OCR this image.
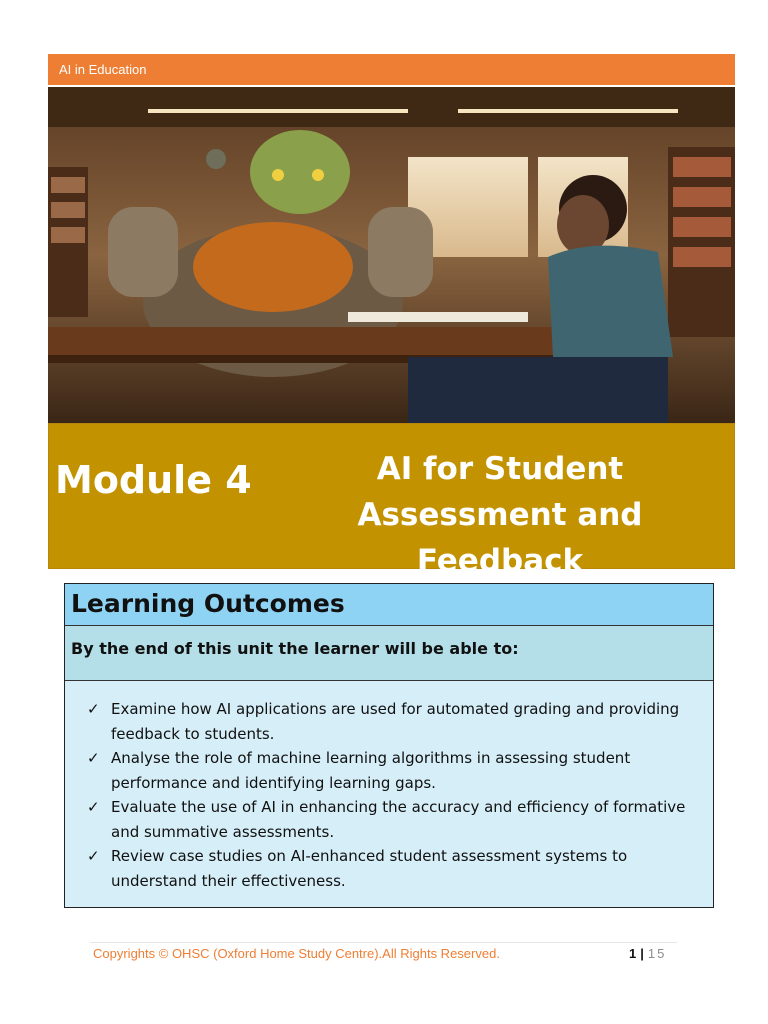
AI in Education
Module 4	AI for Student
Assessment and Feedback
Learning Outcomes
By the end of this unit the learner will be able to:
✓ Examine how AI applications are used for automated grading and providing feedback to students.
✓ Analyse the role of machine learning algorithms in assessing student performance and identifying learning gaps.
✓ Evaluate the use of AI in enhancing the accuracy and efficiency of formative and summative assessments.
✓ Review case studies on AI-enhanced student assessment systems to understand their effectiveness.
Copyrights © OHSC (Oxford Home Study Centre).All Rights Reserved.	1 | 15
